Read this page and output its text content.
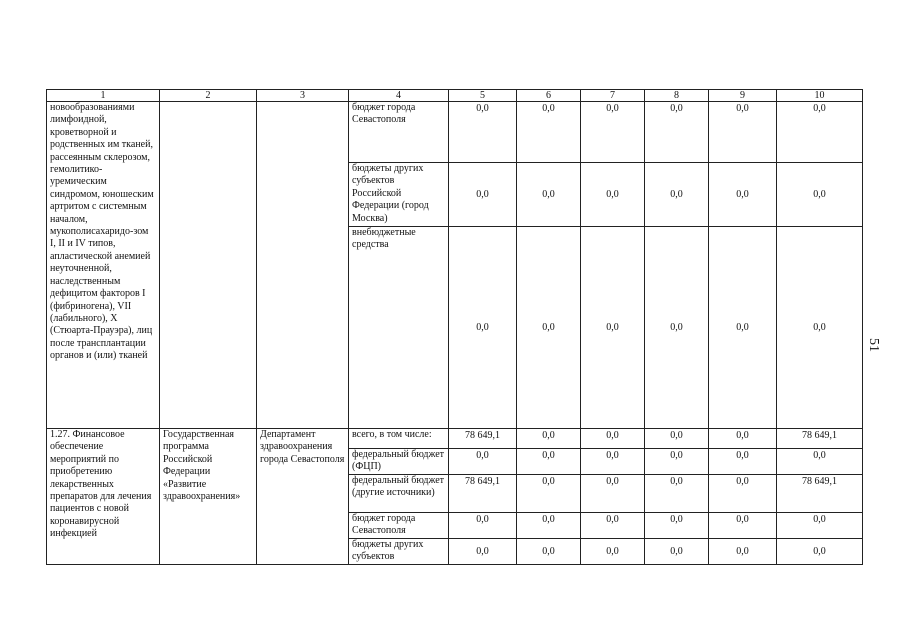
1	2	3	4	5	6	7	8	9	10
новообразованиями лимфоидной, кроветворной и родственных им тканей, рассеянным склерозом, гемолитико-уремическим синдромом, юношеским артритом с системным началом, мукополисахаридо-зом I, II и IV типов, апластической анемией неуточненной, наследственным дефицитом факторов I (фибриногена), VII (лабильного), X (Стюарта-Прауэра), лиц после трансплантации органов и (или) тканей			бюджет города Севастополя	0,0	0,0	0,0	0,0	0,0	0,0
			бюджеты других субъектов Российской Федерации (город Москва)	0,0	0,0	0,0	0,0	0,0	0,0
			внебюджетные средства	0,0	0,0	0,0	0,0	0,0	0,0
1.27. Финансовое обеспечение мероприятий по приобретению лекарственных препаратов для лечения пациентов с новой коронавирусной инфекцией	Государственная программа Российской Федерации «Развитие здравоохранения»	Департамент здравоохранения города Севастополя	всего, в том числе:	78 649,1	0,0	0,0	0,0	0,0	78 649,1
			федеральный бюджет (ФЦП)	0,0	0,0	0,0	0,0	0,0	0,0
			федеральный бюджет (другие источники)	78 649,1	0,0	0,0	0,0	0,0	78 649,1
			бюджет города Севастополя	0,0	0,0	0,0	0,0	0,0	0,0
			бюджеты других субъектов	0,0	0,0	0,0	0,0	0,0	0,0
51
